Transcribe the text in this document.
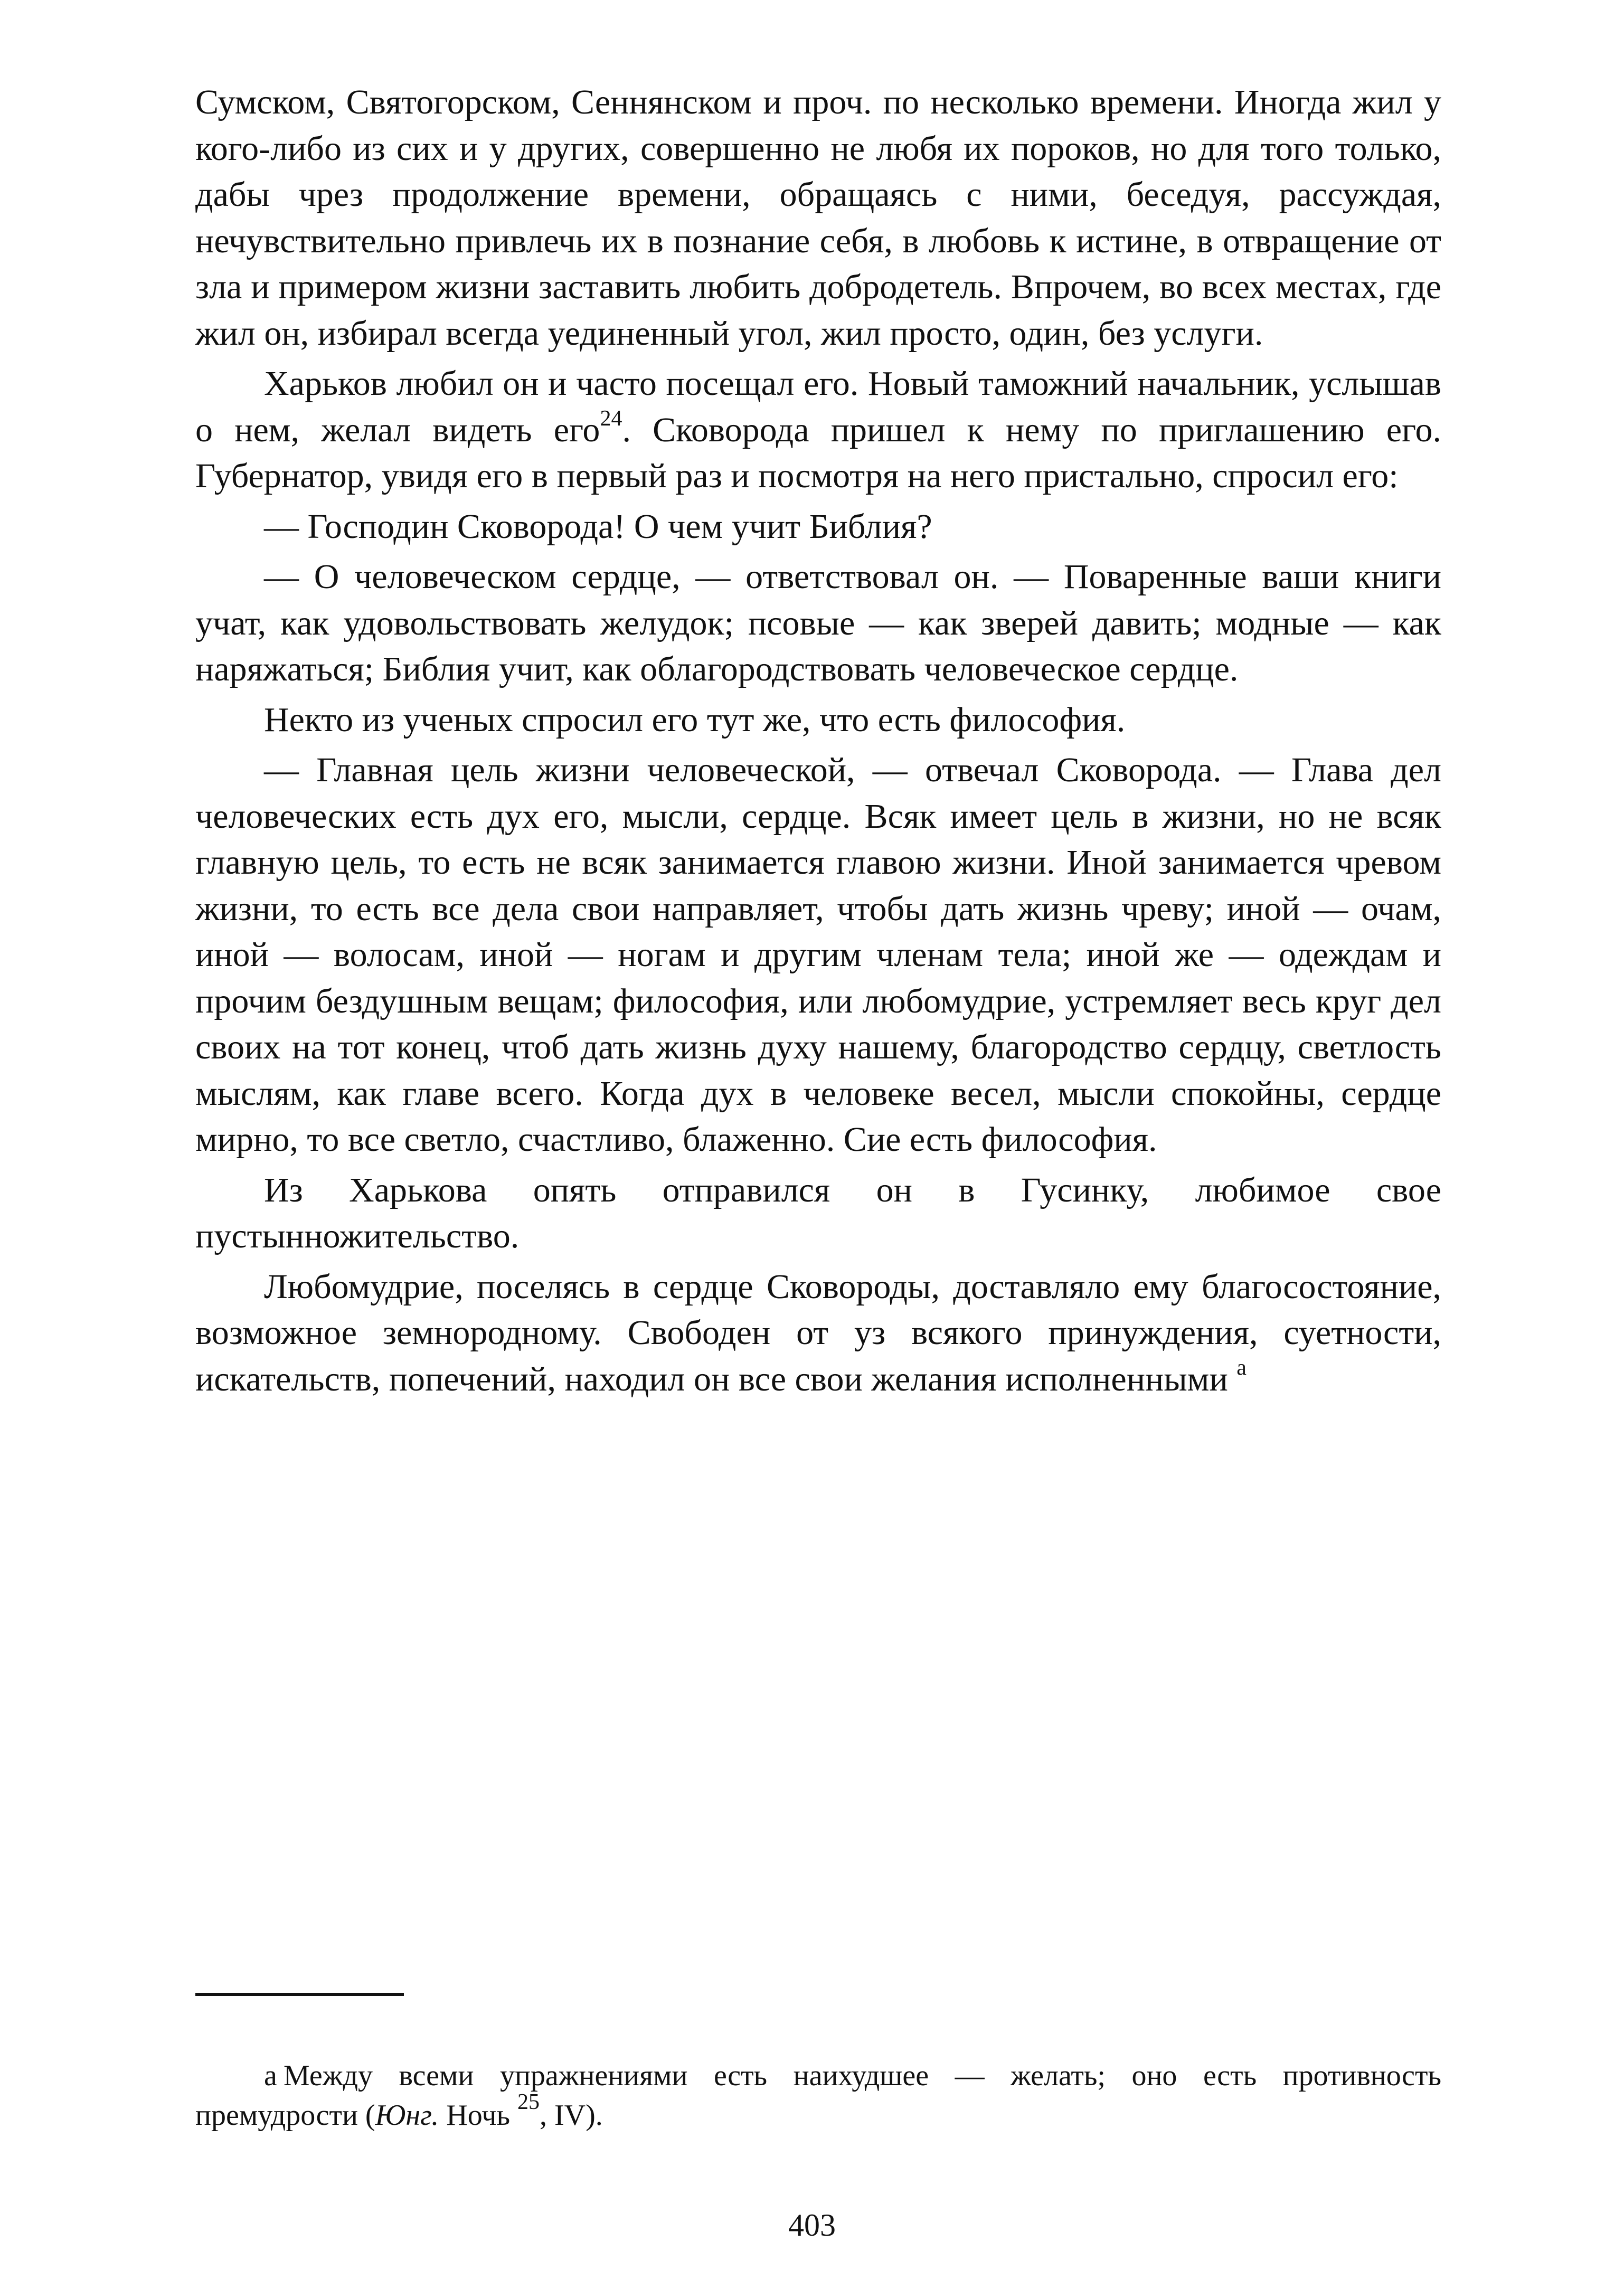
Сумском, Святогорском, Сеннянском и проч. по несколько времени. Иногда жил у кого-либо из сих и у других, совершенно не любя их пороков, но для того только, дабы чрез продолжение времени, обращаясь с ними, беседуя, рассуждая, нечувствительно привлечь их в познание себя, в любовь к истине, в отвращение от зла и примером жизни заставить любить добродетель. Впрочем, во всех местах, где жил он, избирал всегда уединенный угол, жил просто, один, без услуги.

Харьков любил он и часто посещал его. Новый таможний начальник, услышав о нем, желал видеть его$^{24}$. Сковорода пришел к нему по приглашению его. Губернатор, увидя его в первый раз и посмотря на него пристально, спросил его:

— Господин Сковорода! О чем учит Библия?

— О человеческом сердце, — ответствовал он. — Поваренные ваши книги учат, как удовольствовать желудок; псовые — как зверей давить; модные — как наряжаться; Библия учит, как облагородствовать человеческое сердце.

Некто из ученых спросил его тут же, что есть философия.

— Главная цель жизни человеческой, — отвечал Сковорода. — Глава дел человеческих есть дух его, мысли, сердце. Всяк имеет цель в жизни, но не всяк главную цель, то есть не всяк занимается главою жизни. Иной занимается чревом жизни, то есть все дела свои направляет, чтобы дать жизнь чреву; иной — очам, иной — волосам, иной — ногам и другим членам тела; иной же — одеждам и прочим бездушным вещам; философия, или любомудрие, устремляет весь круг дел своих на тот конец, чтоб дать жизнь духу нашему, благородство сердцу, светлость мыслям, как главе всего. Когда дух в человеке весел, мысли спокойны, сердце мирно, то все светло, счастливо, блаженно. Сие есть философия.

Из Харькова опять отправился он в Гусинку, любимое свое пустынножительство.

Любомудрие, поселясь в сердце Сковороды, доставляло ему благосостояние, возможное земнородному. Свободен от уз всякого принуждения, суетности, искательств, попечений, находил он все свои желания исполненными $^а$

а Между всеми упражнениями есть наихудшее — желать; оно есть противность премудрости (Юнг. Ночь $^{25}$, IV).

403
